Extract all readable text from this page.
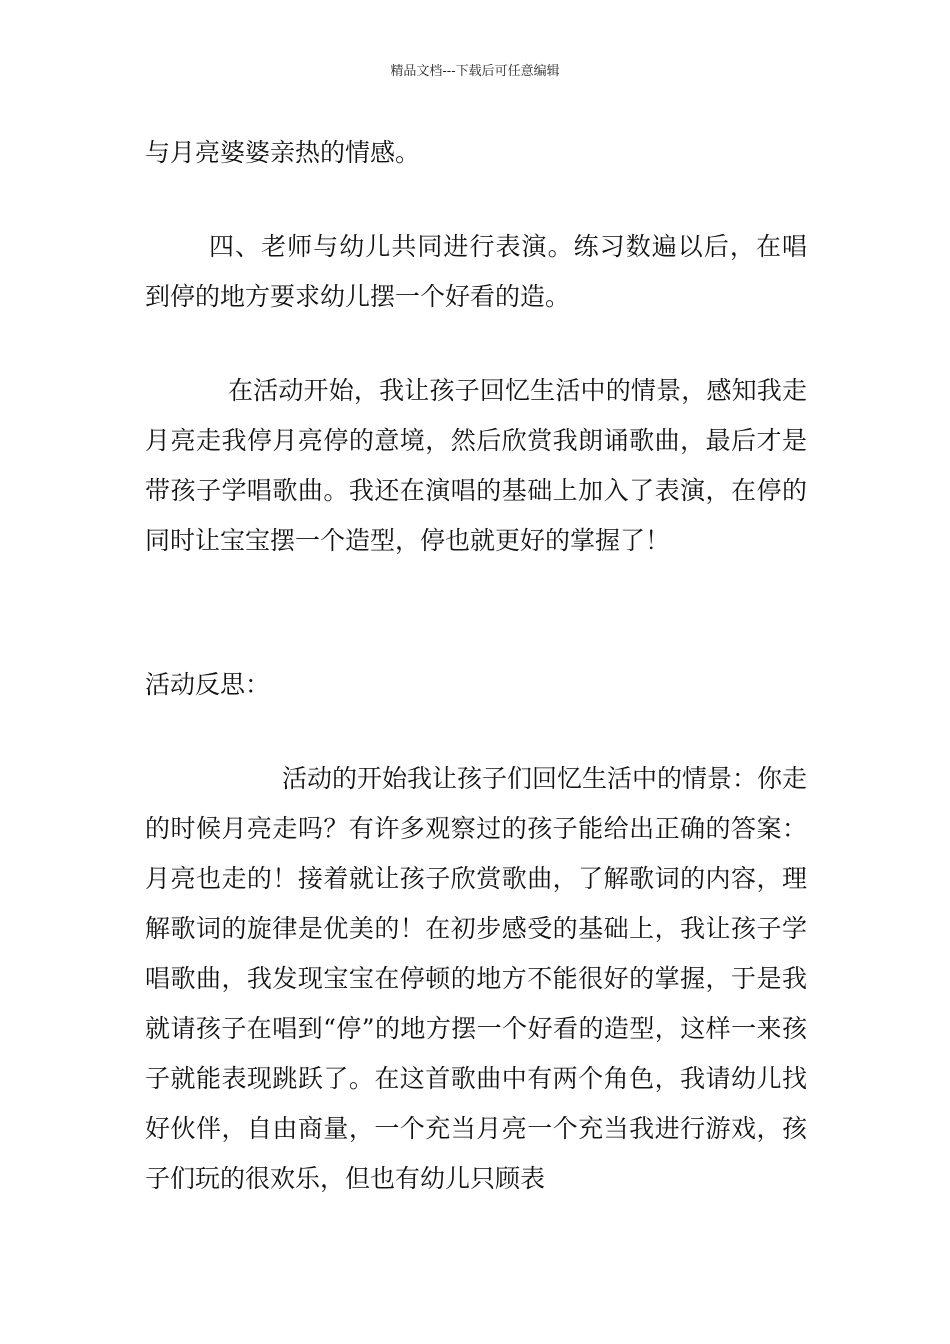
精品文档---下载后可任意编辑

与月亮婆婆亲热的情感。

四、老师与幼儿共同进行表演。练习数遍以后，在唱到停的地方要求幼儿摆一个好看的造。

在活动开始，我让孩子回忆生活中的情景，感知我走月亮走我停月亮停的意境，然后欣赏我朗诵歌曲，最后才是带孩子学唱歌曲。我还在演唱的基础上加入了表演，在停的同时让宝宝摆一个造型，停也就更好的掌握了！

活动反思：

活动的开始我让孩子们回忆生活中的情景：你走的时候月亮走吗？有许多观察过的孩子能给出正确的答案：月亮也走的！接着就让孩子欣赏歌曲，了解歌词的内容，理解歌词的旋律是优美的！在初步感受的基础上，我让孩子学唱歌曲，我发现宝宝在停顿的地方不能很好的掌握，于是我就请孩子在唱到“停”的地方摆一个好看的造型，这样一来孩子就能表现跳跃了。在这首歌曲中有两个角色，我请幼儿找好伙伴，自由商量，一个充当月亮一个充当我进行游戏，孩子们玩的很欢乐，但也有幼儿只顾表
